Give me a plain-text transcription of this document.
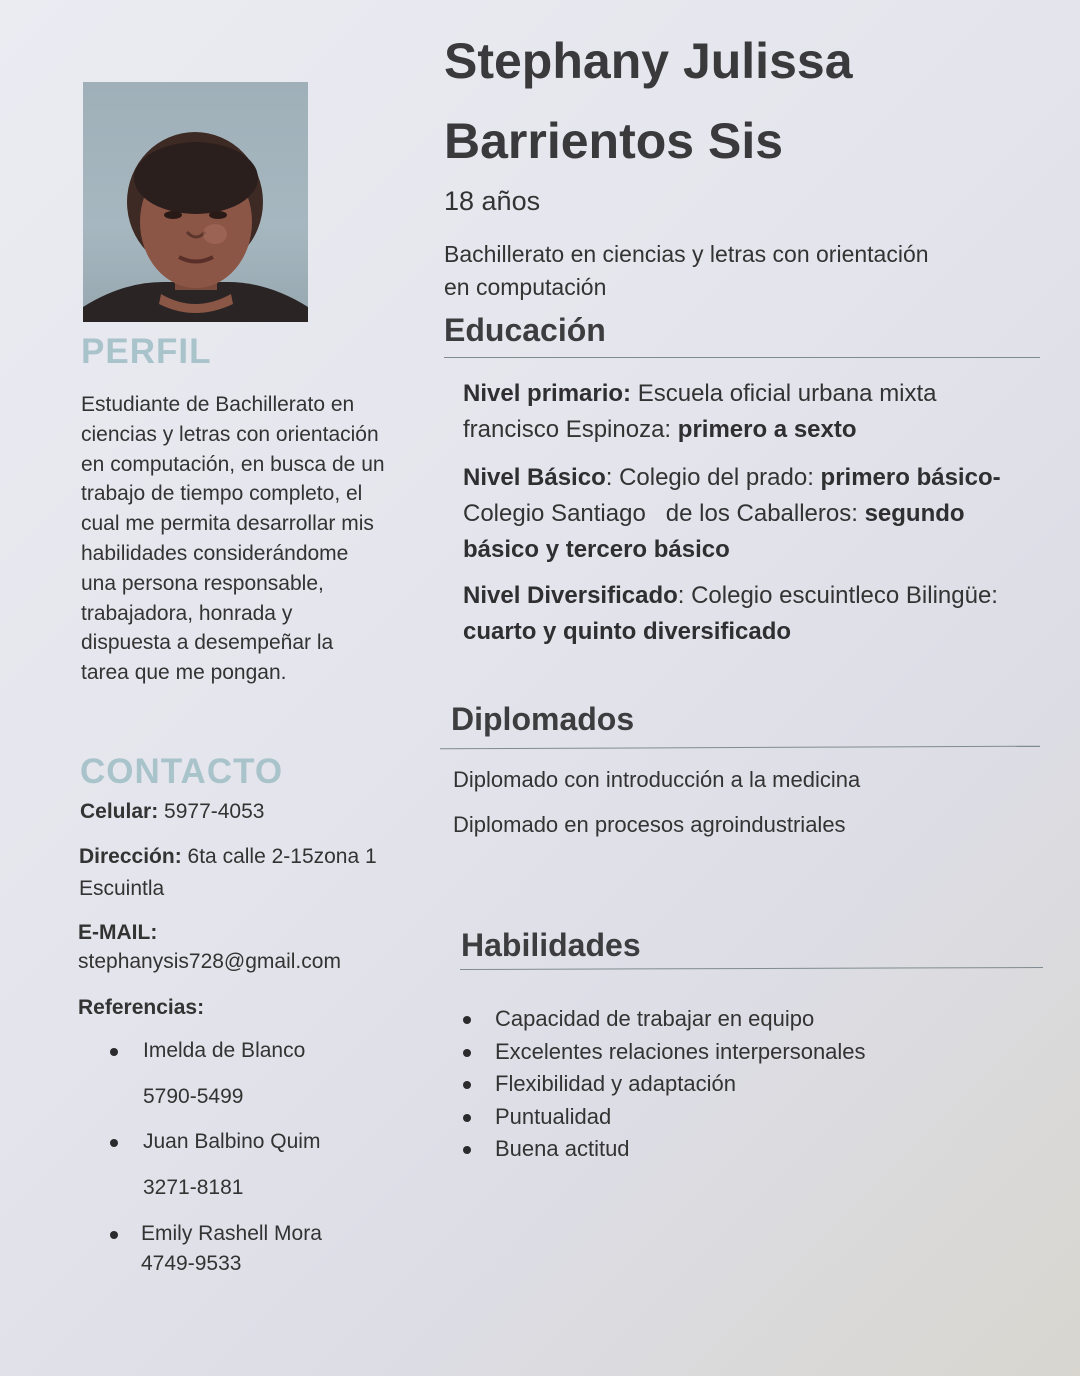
Stephany Julissa
Barrientos Sis
18 años
Bachillerato en ciencias y letras con orientación
en computación
PERFIL
Estudiante de Bachillerato en
ciencias y letras con orientación
en computación, en busca de un
trabajo de tiempo completo, el
cual me permita desarrollar mis
habilidades considerándome
una persona responsable,
trabajadora, honrada y
dispuesta a desempeñar la
tarea que me pongan.
CONTACTO
Celular: 5977-4053
Dirección: 6ta calle 2-15zona 1
Escuintla
E-MAIL:
stephanysis728@gmail.com
Referencias:
Imelda de Blanco
5790-5499
Juan Balbino Quim
3271-8181
Emily Rashell Mora
4749-9533
Educación
Nivel primario: Escuela oficial urbana mixta
francisco Espinoza: primero a sexto
Nivel Básico: Colegio del prado: primero básico-
Colegio Santiago   de los Caballeros: segundo
básico y tercero básico
Nivel Diversificado: Colegio escuintleco Bilingüe:
cuarto y quinto diversificado
Diplomados
Diplomado con introducción a la medicina
Diplomado en procesos agroindustriales
Habilidades
Capacidad de trabajar en equipo
Excelentes relaciones interpersonales
Flexibilidad y adaptación
Puntualidad
Buena actitud
